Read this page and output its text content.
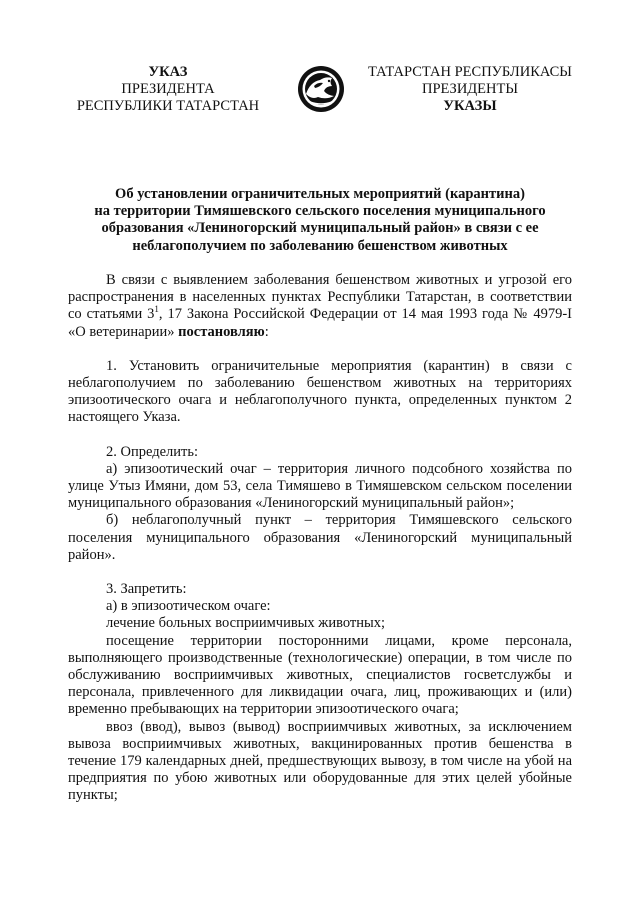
УКАЗ
ПРЕЗИДЕНТА
РЕСПУБЛИКИ ТАТАРСТАН
ТАТАРСТАН РЕСПУБЛИКАСЫ
ПРЕЗИДЕНТЫ
УКАЗЫ
Об установлении ограничительных мероприятий (карантина)
на территории Тимяшевского сельского поселения муниципального
образования «Лениногорский муниципальный район» в связи с ее
неблагополучием по заболеванию бешенством животных

В связи с выявлением заболевания бешенством животных и угрозой его распространения в населенных пунктах Республики Татарстан, в соответствии со статьями $3^1$, 17 Закона Российской Федерации от 14 мая 1993 года № 4979-I «О ветеринарии» постановляю:

1. Установить ограничительные мероприятия (карантин) в связи с неблагополучием по заболеванию бешенством животных на территориях эпизоотического очага и неблагополучного пункта, определенных пунктом 2 настоящего Указа.

2. Определить:

а) эпизоотический очаг – территория личного подсобного хозяйства по улице Утыз Имяни, дом 53, села Тимяшево в Тимяшевском сельском поселении муниципального образования «Лениногорский муниципальный район»;

б) неблагополучный пункт – территория Тимяшевского сельского поселения муниципального образования «Лениногорский муниципальный район».

3. Запретить:

а) в эпизоотическом очаге:

лечение больных восприимчивых животных;

посещение территории посторонними лицами, кроме персонала, выполняющего производственные (технологические) операции, в том числе по обслуживанию восприимчивых животных, специалистов госветслужбы и персонала, привлеченного для ликвидации очага, лиц, проживающих и (или) временно пребывающих на территории эпизоотического очага;

ввоз (ввод), вывоз (вывод) восприимчивых животных, за исключением вывоза восприимчивых животных, вакцинированных против бешенства в течение 179 календарных дней, предшествующих вывозу, в том числе на убой на предприятия по убою животных или оборудованные для этих целей убойные пункты;
